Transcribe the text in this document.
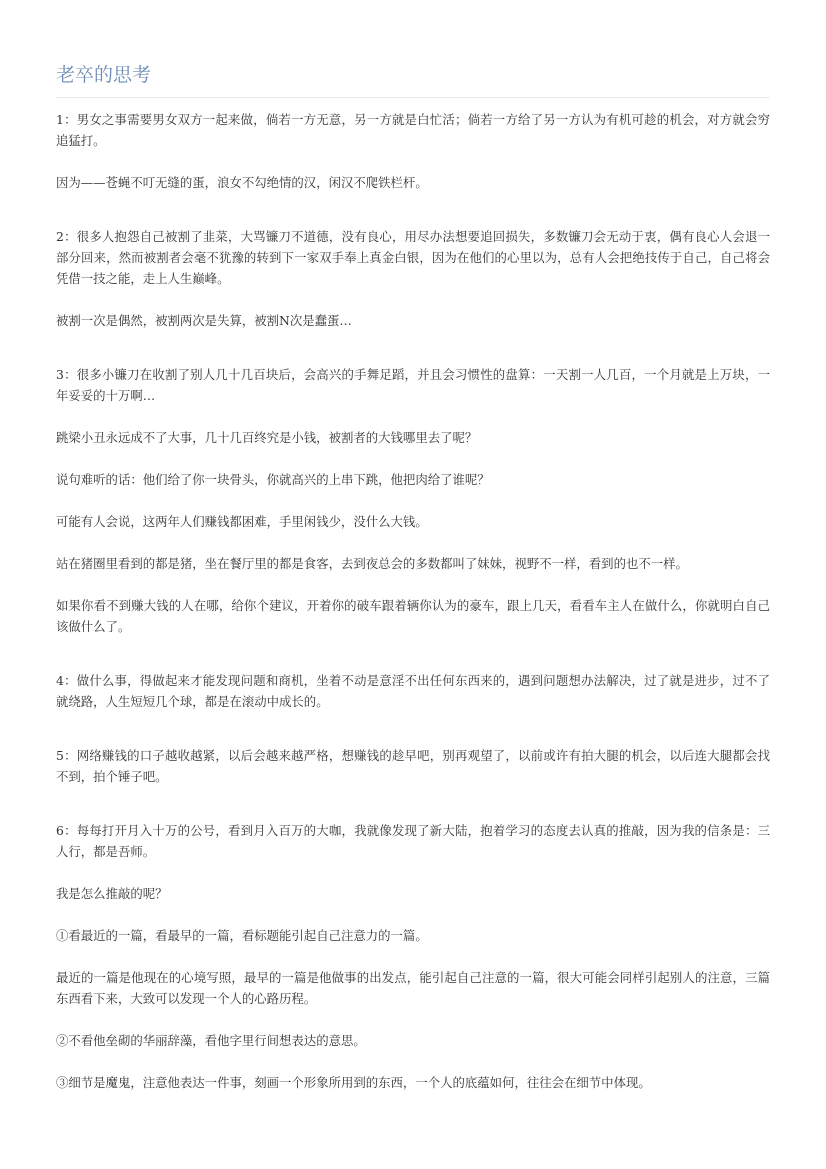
老卒的思考

1：男女之事需要男女双方一起来做，倘若一方无意，另一方就是白忙活；倘若一方给了另一方认为有机可趁的机会，对方就会穷追猛打。

因为——苍蝇不叮无缝的蛋，浪女不勾绝情的汉，闲汉不爬铁栏杆。

2：很多人抱怨自己被割了韭菜，大骂镰刀不道德，没有良心，用尽办法想要追回损失，多数镰刀会无动于衷，偶有良心人会退一部分回来，然而被割者会毫不犹豫的转到下一家双手奉上真金白银，因为在他们的心里以为，总有人会把绝技传于自己，自己将会凭借一技之能，走上人生巅峰。

被割一次是偶然，被割两次是失算，被割N次是蠢蛋…

3：很多小镰刀在收割了别人几十几百块后，会高兴的手舞足蹈，并且会习惯性的盘算：一天割一人几百，一个月就是上万块，一年妥妥的十万啊…

跳梁小丑永远成不了大事，几十几百终究是小钱，被割者的大钱哪里去了呢？

说句难听的话：他们给了你一块骨头，你就高兴的上串下跳，他把肉给了谁呢？

可能有人会说，这两年人们赚钱都困难，手里闲钱少，没什么大钱。

站在猪圈里看到的都是猪，坐在餐厅里的都是食客，去到夜总会的多数都叫了妹妹，视野不一样，看到的也不一样。

如果你看不到赚大钱的人在哪，给你个建议，开着你的破车跟着辆你认为的豪车，跟上几天，看看车主人在做什么，你就明白自己该做什么了。

4：做什么事，得做起来才能发现问题和商机，坐着不动是意淫不出任何东西来的，遇到问题想办法解决，过了就是进步，过不了就绕路，人生短短几个球，都是在滚动中成长的。

5：网络赚钱的口子越收越紧，以后会越来越严格，想赚钱的趁早吧，别再观望了，以前或许有拍大腿的机会，以后连大腿都会找不到，拍个锤子吧。

6：每每打开月入十万的公号，看到月入百万的大咖，我就像发现了新大陆，抱着学习的态度去认真的推敲，因为我的信条是：三人行，都是吾师。

我是怎么推敲的呢？

①看最近的一篇，看最早的一篇，看标题能引起自己注意力的一篇。

最近的一篇是他现在的心境写照，最早的一篇是他做事的出发点，能引起自己注意的一篇，很大可能会同样引起别人的注意，三篇东西看下来，大致可以发现一个人的心路历程。

②不看他垒砌的华丽辞藻，看他字里行间想表达的意思。

③细节是魔鬼，注意他表达一件事，刻画一个形象所用到的东西，一个人的底蕴如何，往往会在细节中体现。
